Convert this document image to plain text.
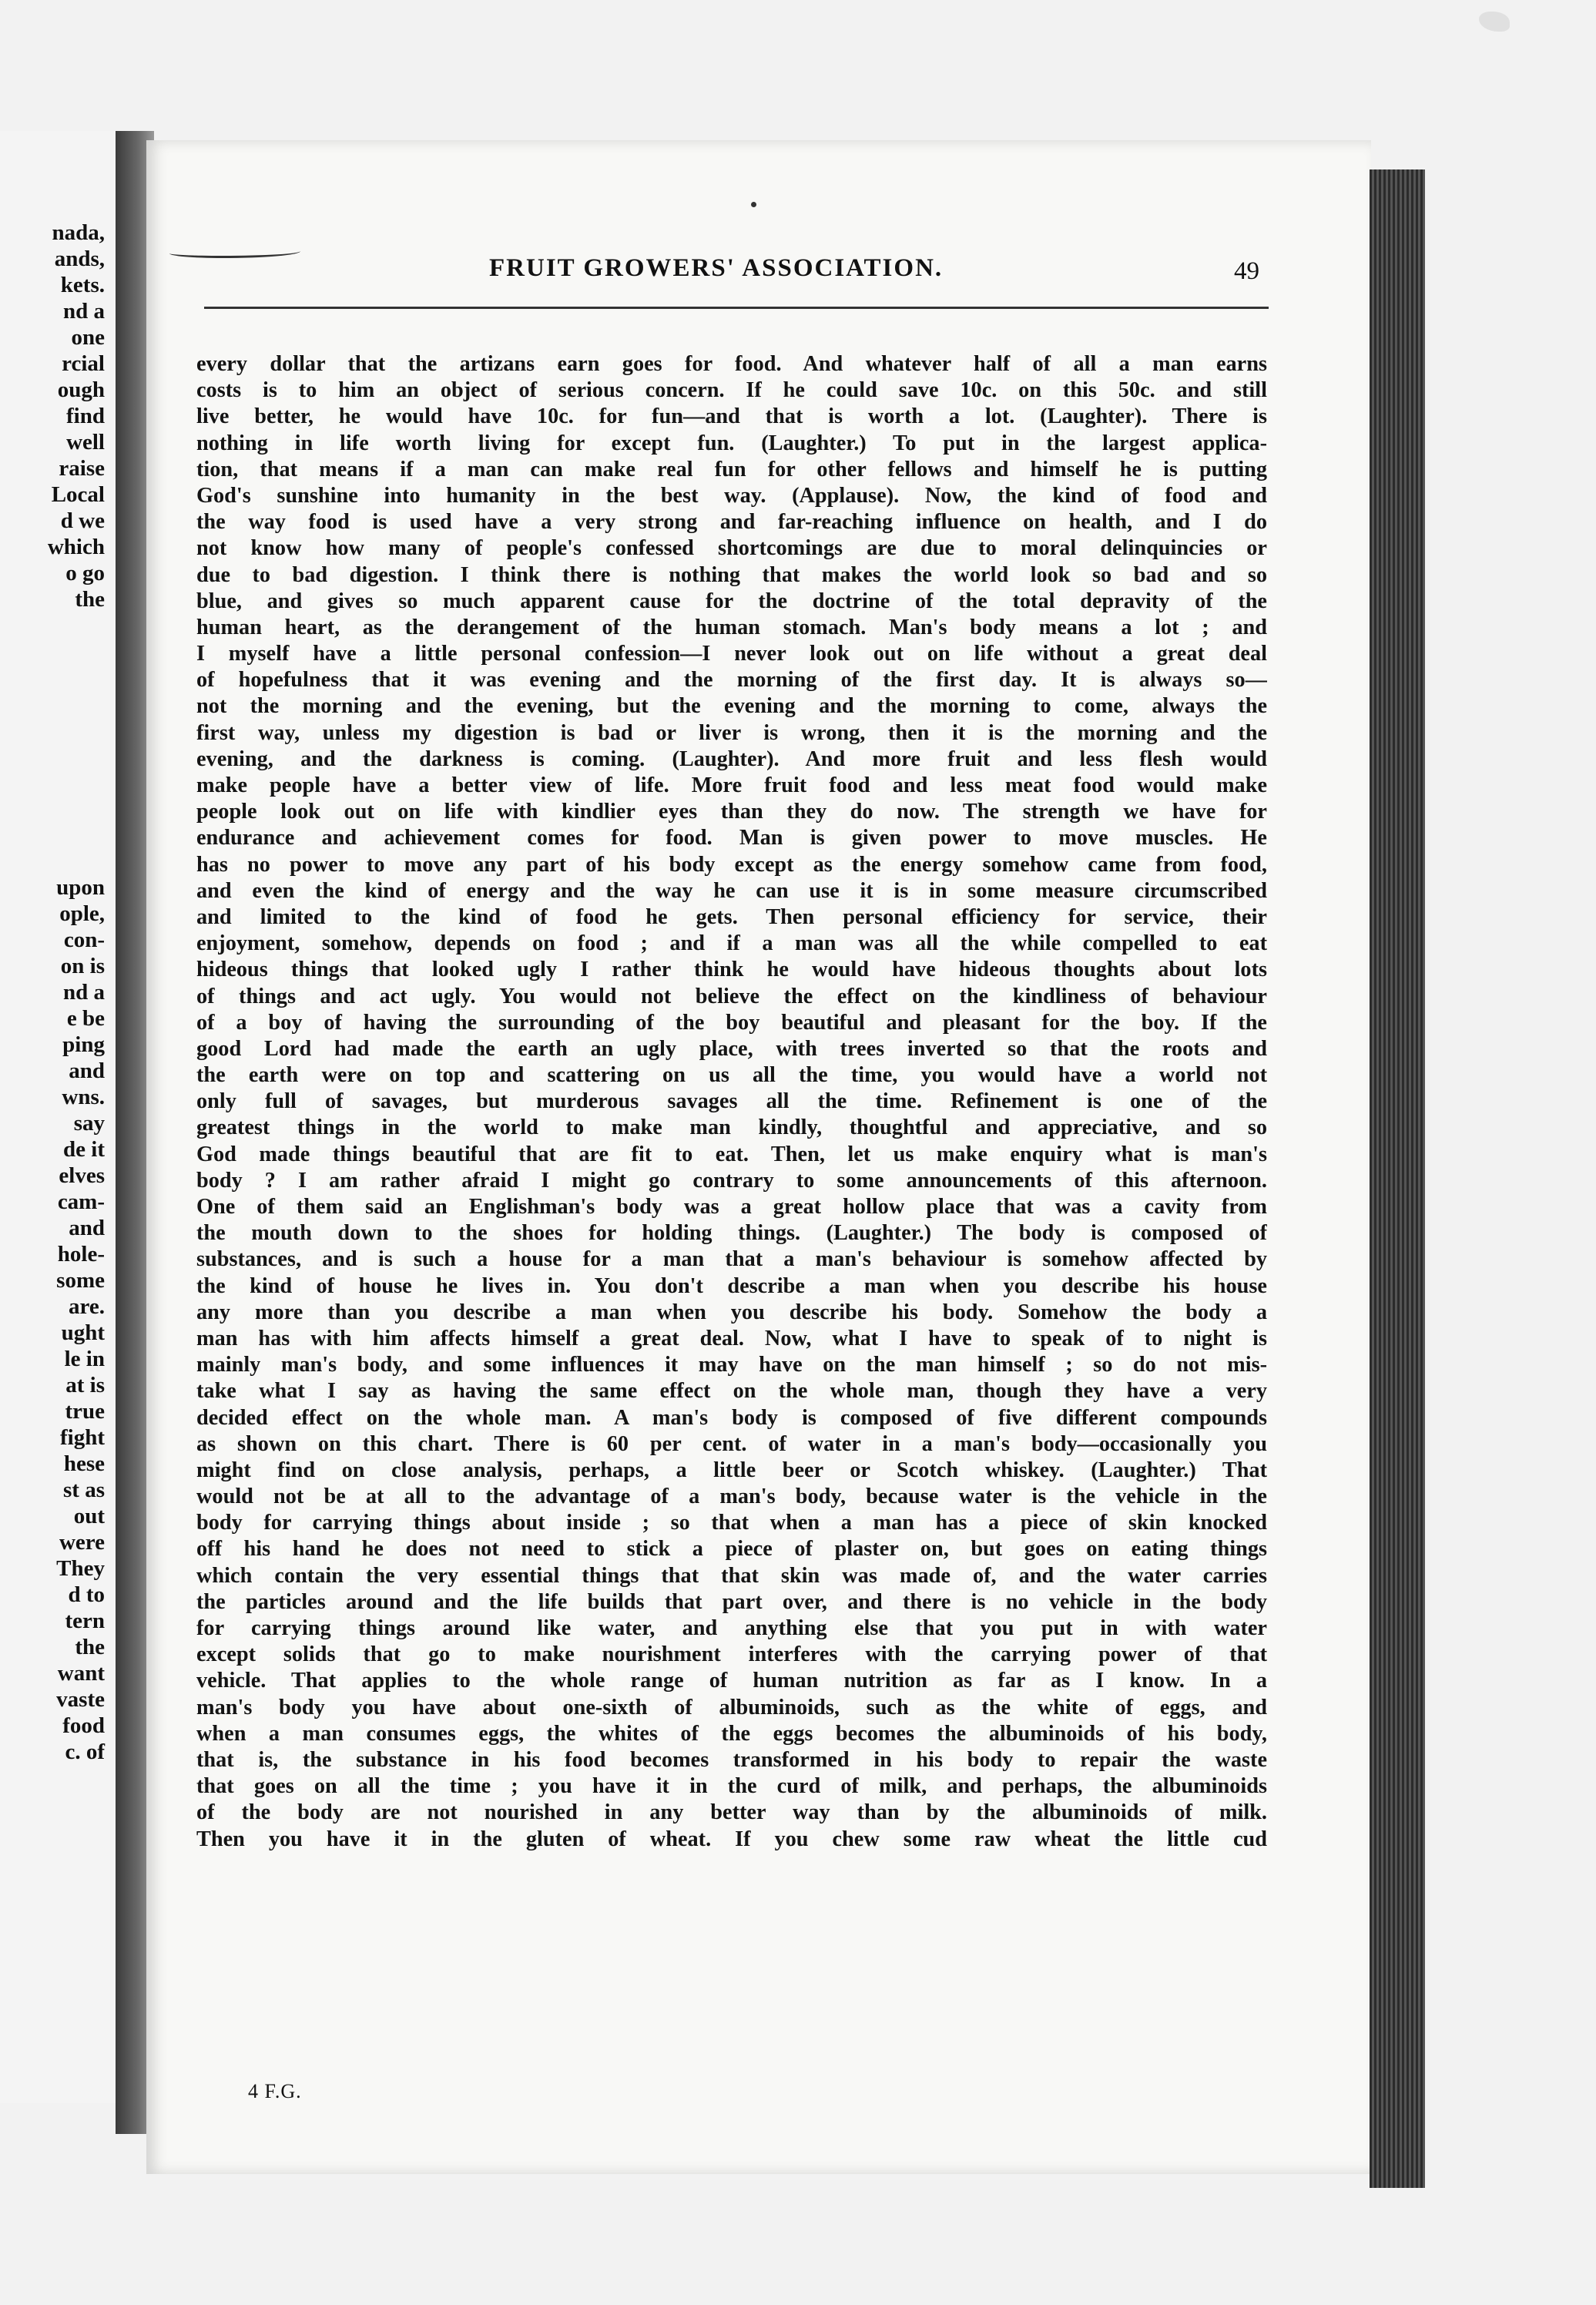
nada,
ands,
kets.
nd a
one
rcial
ough
find
well
raise
Local
d we
which
o go
the
upon
ople,
con-
on is
nd a
e be
ping
and
wns.
say
de it
elves
cam-
and
hole-
some
are.
ught
le in
at is
true
fight
hese
st as
out
were
They
d to
tern
the
want
vaste
food
c. of
FRUIT GROWERS' ASSOCIATION.	49
every dollar that the artizans earn goes for food. And whatever half of all a man earns
costs is to him an object of serious concern. If he could save 10c. on this 50c. and still
live better, he would have 10c. for fun—and that is worth a lot. (Laughter). There is
nothing in life worth living for except fun. (Laughter.) To put in the largest applica-
tion, that means if a man can make real fun for other fellows and himself he is putting
God's sunshine into humanity in the best way. (Applause). Now, the kind of food and
the way food is used have a very strong and far-reaching influence on health, and I do
not know how many of people's confessed shortcomings are due to moral delinquincies or
due to bad digestion. I think there is nothing that makes the world look so bad and so
blue, and gives so much apparent cause for the doctrine of the total depravity of the
human heart, as the derangement of the human stomach. Man's body means a lot ; and
I myself have a little personal confession—I never look out on life without a great deal
of hopefulness that it was evening and the morning of the first day. It is always so—
not the morning and the evening, but the evening and the morning to come, always the
first way, unless my digestion is bad or liver is wrong, then it is the morning and the
evening, and the darkness is coming. (Laughter). And more fruit and less flesh would
make people have a better view of life. More fruit food and less meat food would make
people look out on life with kindlier eyes than they do now. The strength we have for
endurance and achievement comes for food. Man is given power to move muscles. He
has no power to move any part of his body except as the energy somehow came from food,
and even the kind of energy and the way he can use it is in some measure circumscribed
and limited to the kind of food he gets. Then personal efficiency for service, their
enjoyment, somehow, depends on food ; and if a man was all the while compelled to eat
hideous things that looked ugly I rather think he would have hideous thoughts about lots
of things and act ugly. You would not believe the effect on the kindliness of behaviour
of a boy of having the surrounding of the boy beautiful and pleasant for the boy. If the
good Lord had made the earth an ugly place, with trees inverted so that the roots and
the earth were on top and scattering on us all the time, you would have a world not
only full of savages, but murderous savages all the time. Refinement is one of the
greatest things in the world to make man kindly, thoughtful and appreciative, and so
God made things beautiful that are fit to eat. Then, let us make enquiry what is man's
body ? I am rather afraid I might go contrary to some announcements of this afternoon.
One of them said an Englishman's body was a great hollow place that was a cavity from
the mouth down to the shoes for holding things. (Laughter.) The body is composed of
substances, and is such a house for a man that a man's behaviour is somehow affected by
the kind of house he lives in. You don't describe a man when you describe his house
any more than you describe a man when you describe his body. Somehow the body a
man has with him affects himself a great deal. Now, what I have to speak of to night is
mainly man's body, and some influences it may have on the man himself ; so do not mis-
take what I say as having the same effect on the whole man, though they have a very
decided effect on the whole man. A man's body is composed of five different compounds
as shown on this chart. There is 60 per cent. of water in a man's body—occasionally you
might find on close analysis, perhaps, a little beer or Scotch whiskey. (Laughter.) That
would not be at all to the advantage of a man's body, because water is the vehicle in the
body for carrying things about inside ; so that when a man has a piece of skin knocked
off his hand he does not need to stick a piece of plaster on, but goes on eating things
which contain the very essential things that that skin was made of, and the water carries
the particles around and the life builds that part over, and there is no vehicle in the body
for carrying things around like water, and anything else that you put in with water
except solids that go to make nourishment interferes with the carrying power of that
vehicle. That applies to the whole range of human nutrition as far as I know. In a
man's body you have about one-sixth of albuminoids, such as the white of eggs, and
when a man consumes eggs, the whites of the eggs becomes the albuminoids of his body,
that is, the substance in his food becomes transformed in his body to repair the waste
that goes on all the time ; you have it in the curd of milk, and perhaps, the albuminoids
of the body are not nourished in any better way than by the albuminoids of milk.
Then you have it in the gluten of wheat. If you chew some raw wheat the little cud
4 F.G.
